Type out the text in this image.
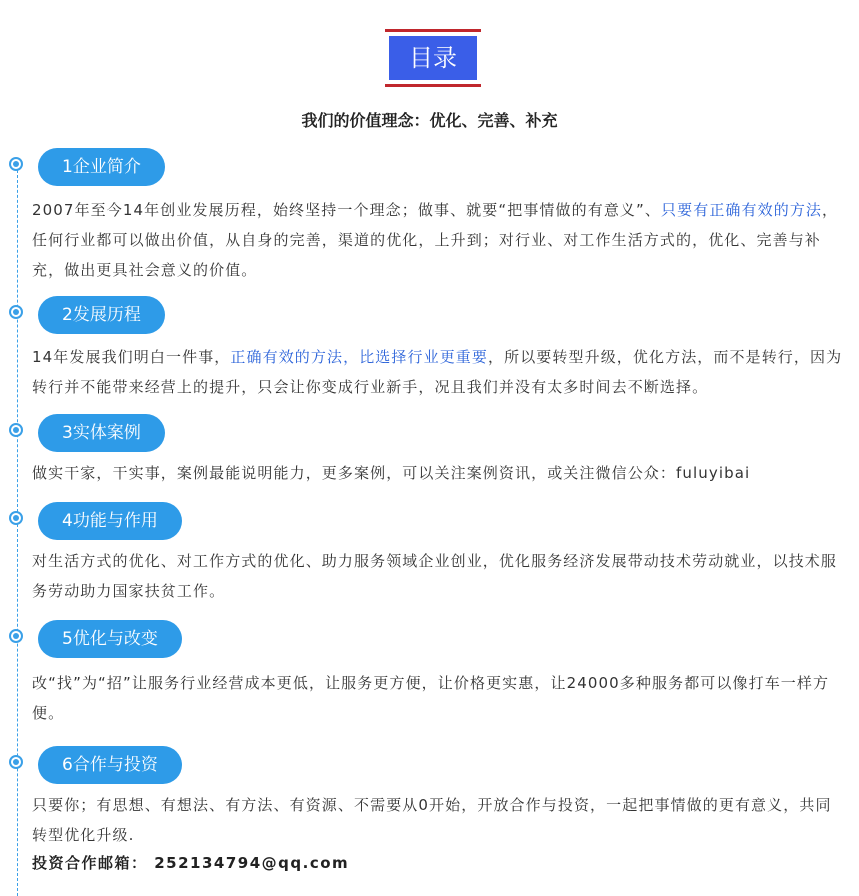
目录
我们的价值理念：优化、完善、补充
1企业简介

2007年至今14年创业发展历程，始终坚持一个理念；做事、就要“把事情做的有意义”、只要有正确有效的方法，任何行业都可以做出价值，从自身的完善，渠道的优化，上升到；对行业、对工作生活方式的，优化、完善与补充，做出更具社会意义的价值。

2发展历程

14年发展我们明白一件事，正确有效的方法，比选择行业更重要，所以要转型升级，优化方法，而不是转行，因为转行并不能带来经营上的提升，只会让你变成行业新手，况且我们并没有太多时间去不断选择。

3实体案例

做实干家，干实事，案例最能说明能力，更多案例，可以关注案例资讯，或关注微信公众：fuluyibai

4功能与作用

对生活方式的优化、对工作方式的优化、助力服务领域企业创业，优化服务经济发展带动技术劳动就业，以技术服务劳动助力国家扶贫工作。

5优化与改变

改“找”为“招”让服务行业经营成本更低，让服务更方便，让价格更实惠，让24000多种服务都可以像打车一样方便。

6合作与投资

只要你；有思想、有想法、有方法、有资源、不需要从0开始，开放合作与投资，一起把事情做的更有意义，共同转型优化升级.

投资合作邮箱： 252134794@qq.com
